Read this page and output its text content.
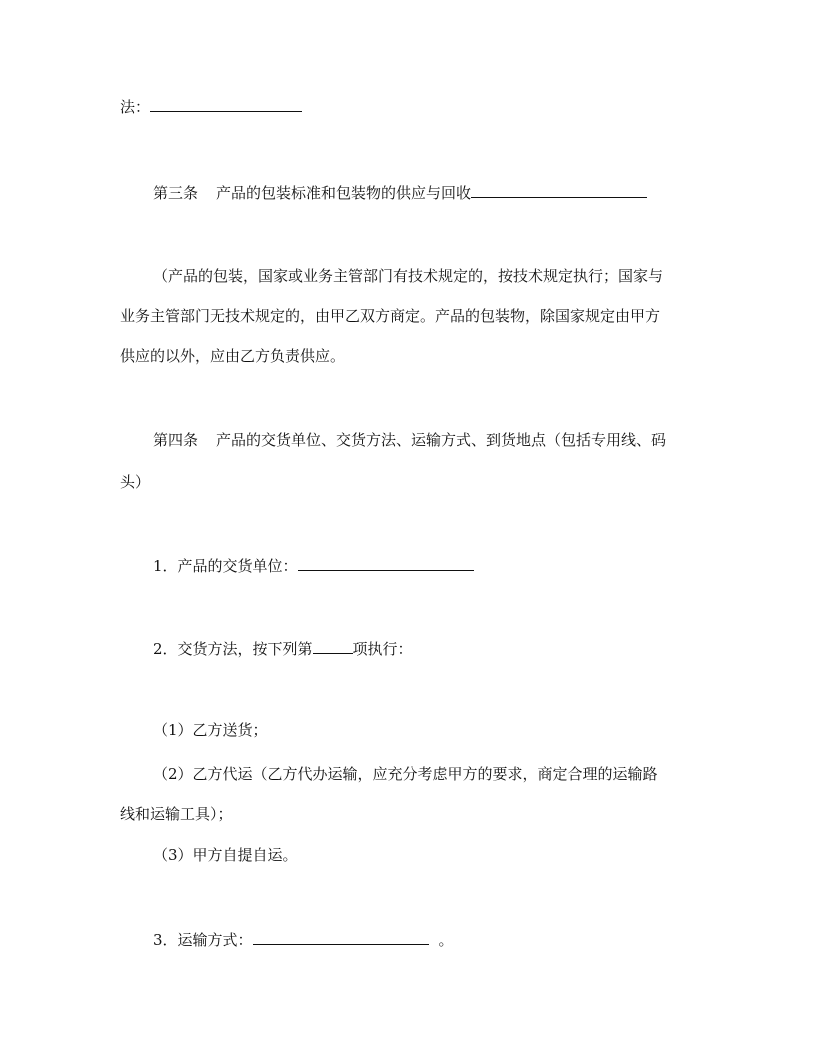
法：
第三条 产品的包装标准和包装物的供应与回收
（产品的包装，国家或业务主管部门有技术规定的，按技术规定执行；国家与
业务主管部门无技术规定的，由甲乙双方商定。产品的包装物，除国家规定由甲方
供应的以外，应由乙方负责供应。
第四条 产品的交货单位、交货方法、运输方式、到货地点（包括专用线、码
头）
1．产品的交货单位：
2．交货方法，按下列第	项执行：
（1）乙方送货；
（2）乙方代运（乙方代办运输，应充分考虑甲方的要求，商定合理的运输路
线和运输工具）；
（3）甲方自提自运。
3．运输方式：	。
